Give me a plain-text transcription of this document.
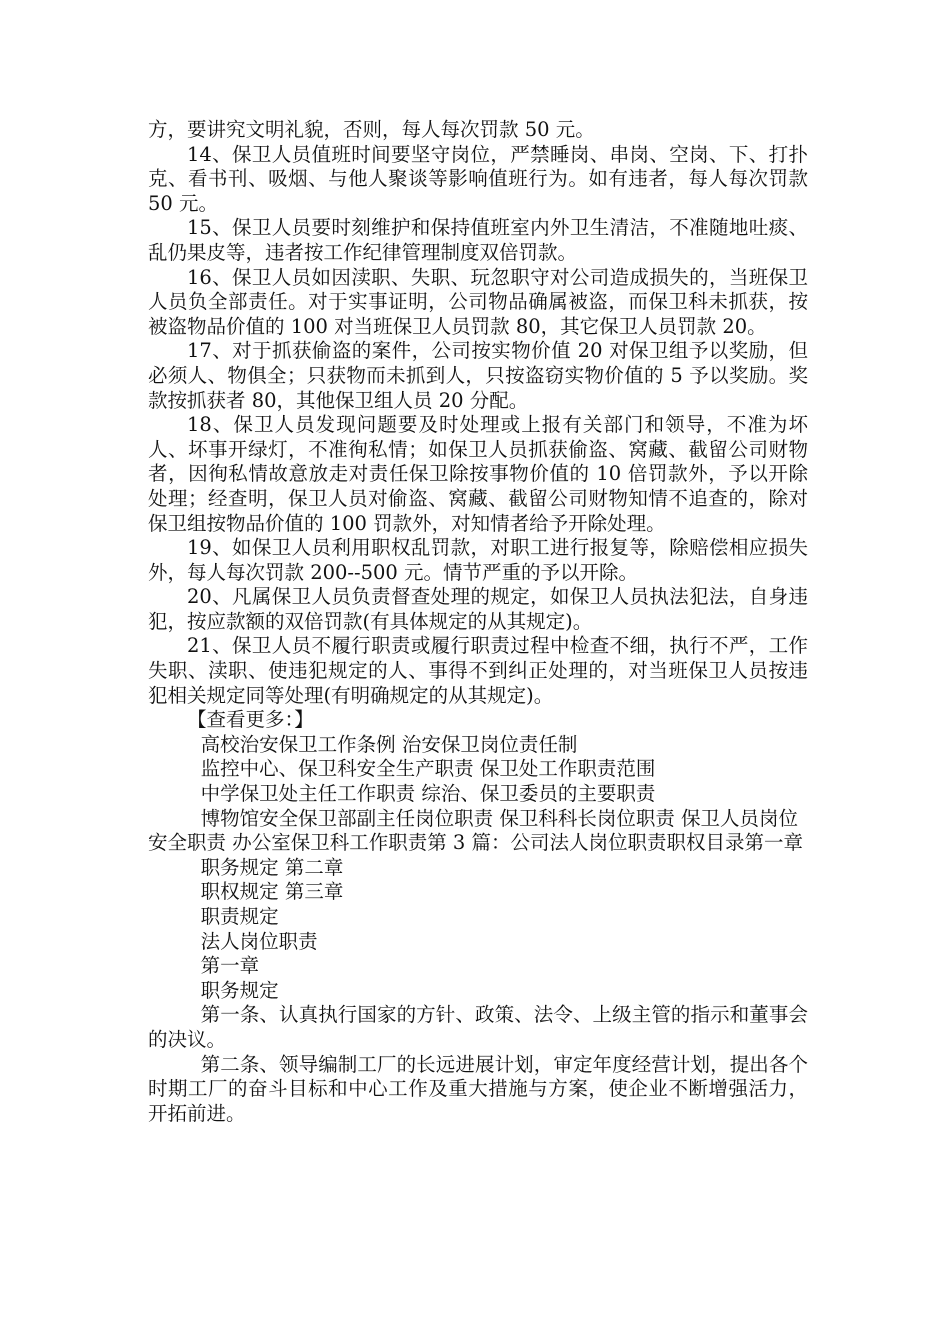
方，要讲究文明礼貌，否则，每人每次罚款 50 元。

14、保卫人员值班时间要坚守岗位，严禁睡岗、串岗、空岗、下、打扑克、看书刊、吸烟、与他人聚谈等影响值班行为。如有违者，每人每次罚款 50 元。

15、保卫人员要时刻维护和保持值班室内外卫生清洁，不准随地吐痰、乱仍果皮等，违者按工作纪律管理制度双倍罚款。

16、保卫人员如因渎职、失职、玩忽职守对公司造成损失的，当班保卫人员负全部责任。对于实事证明，公司物品确属被盗，而保卫科未抓获，按被盗物品价值的 100 对当班保卫人员罚款 80，其它保卫人员罚款 20。

17、对于抓获偷盗的案件，公司按实物价值 20 对保卫组予以奖励，但必须人、物俱全；只获物而未抓到人，只按盗窃实物价值的 5 予以奖励。奖款按抓获者 80，其他保卫组人员 20 分配。

18、保卫人员发现问题要及时处理或上报有关部门和领导，不准为坏人、坏事开绿灯，不准徇私情；如保卫人员抓获偷盗、窝藏、截留公司财物者，因徇私情故意放走对责任保卫除按事物价值的 10 倍罚款外，予以开除处理；经查明，保卫人员对偷盗、窝藏、截留公司财物知情不追查的，除对保卫组按物品价值的 100 罚款外，对知情者给予开除处理。

19、如保卫人员利用职权乱罚款，对职工进行报复等，除赔偿相应损失外，每人每次罚款 200--500 元。情节严重的予以开除。

20、凡属保卫人员负责督查处理的规定，如保卫人员执法犯法，自身违犯，按应款额的双倍罚款(有具体规定的从其规定)。

21、保卫人员不履行职责或履行职责过程中检查不细，执行不严，工作失职、渎职、使违犯规定的人、事得不到纠正处理的，对当班保卫人员按违犯相关规定同等处理(有明确规定的从其规定)。

【查看更多：】

高校治安保卫工作条例 治安保卫岗位责任制

监控中心、保卫科安全生产职责 保卫处工作职责范围

中学保卫处主任工作职责 综治、保卫委员的主要职责

博物馆安全保卫部副主任岗位职责 保卫科科长岗位职责 保卫人员岗位安全职责 办公室保卫科工作职责第 3 篇：公司法人岗位职责职权目录第一章

职务规定 第二章

职权规定 第三章

职责规定

法人岗位职责

第一章

职务规定

第一条、认真执行国家的方针、政策、法令、上级主管的指示和董事会的决议。

第二条、领导编制工厂的长远进展计划，审定年度经营计划，提出各个时期工厂的奋斗目标和中心工作及重大措施与方案，使企业不断增强活力，开拓前进。
